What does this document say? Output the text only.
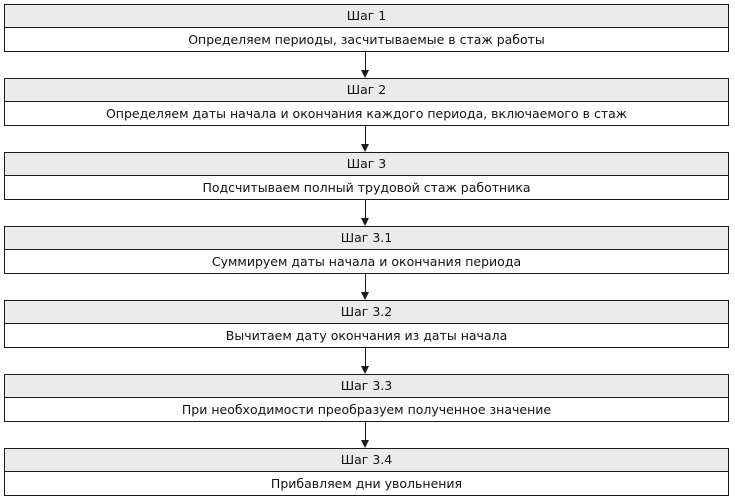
Шаг 1
Определяем периоды, засчитываемые в стаж работы
Шаг 2
Определяем даты начала и окончания каждого периода, включаемого в стаж
Шаг 3
Подсчитываем полный трудовой стаж работника
Шаг 3.1
Суммируем даты начала и окончания периода
Шаг 3.2
Вычитаем дату окончания из даты начала
Шаг 3.3
При необходимости преобразуем полученное значение
Шаг 3.4
Прибавляем дни увольнения
